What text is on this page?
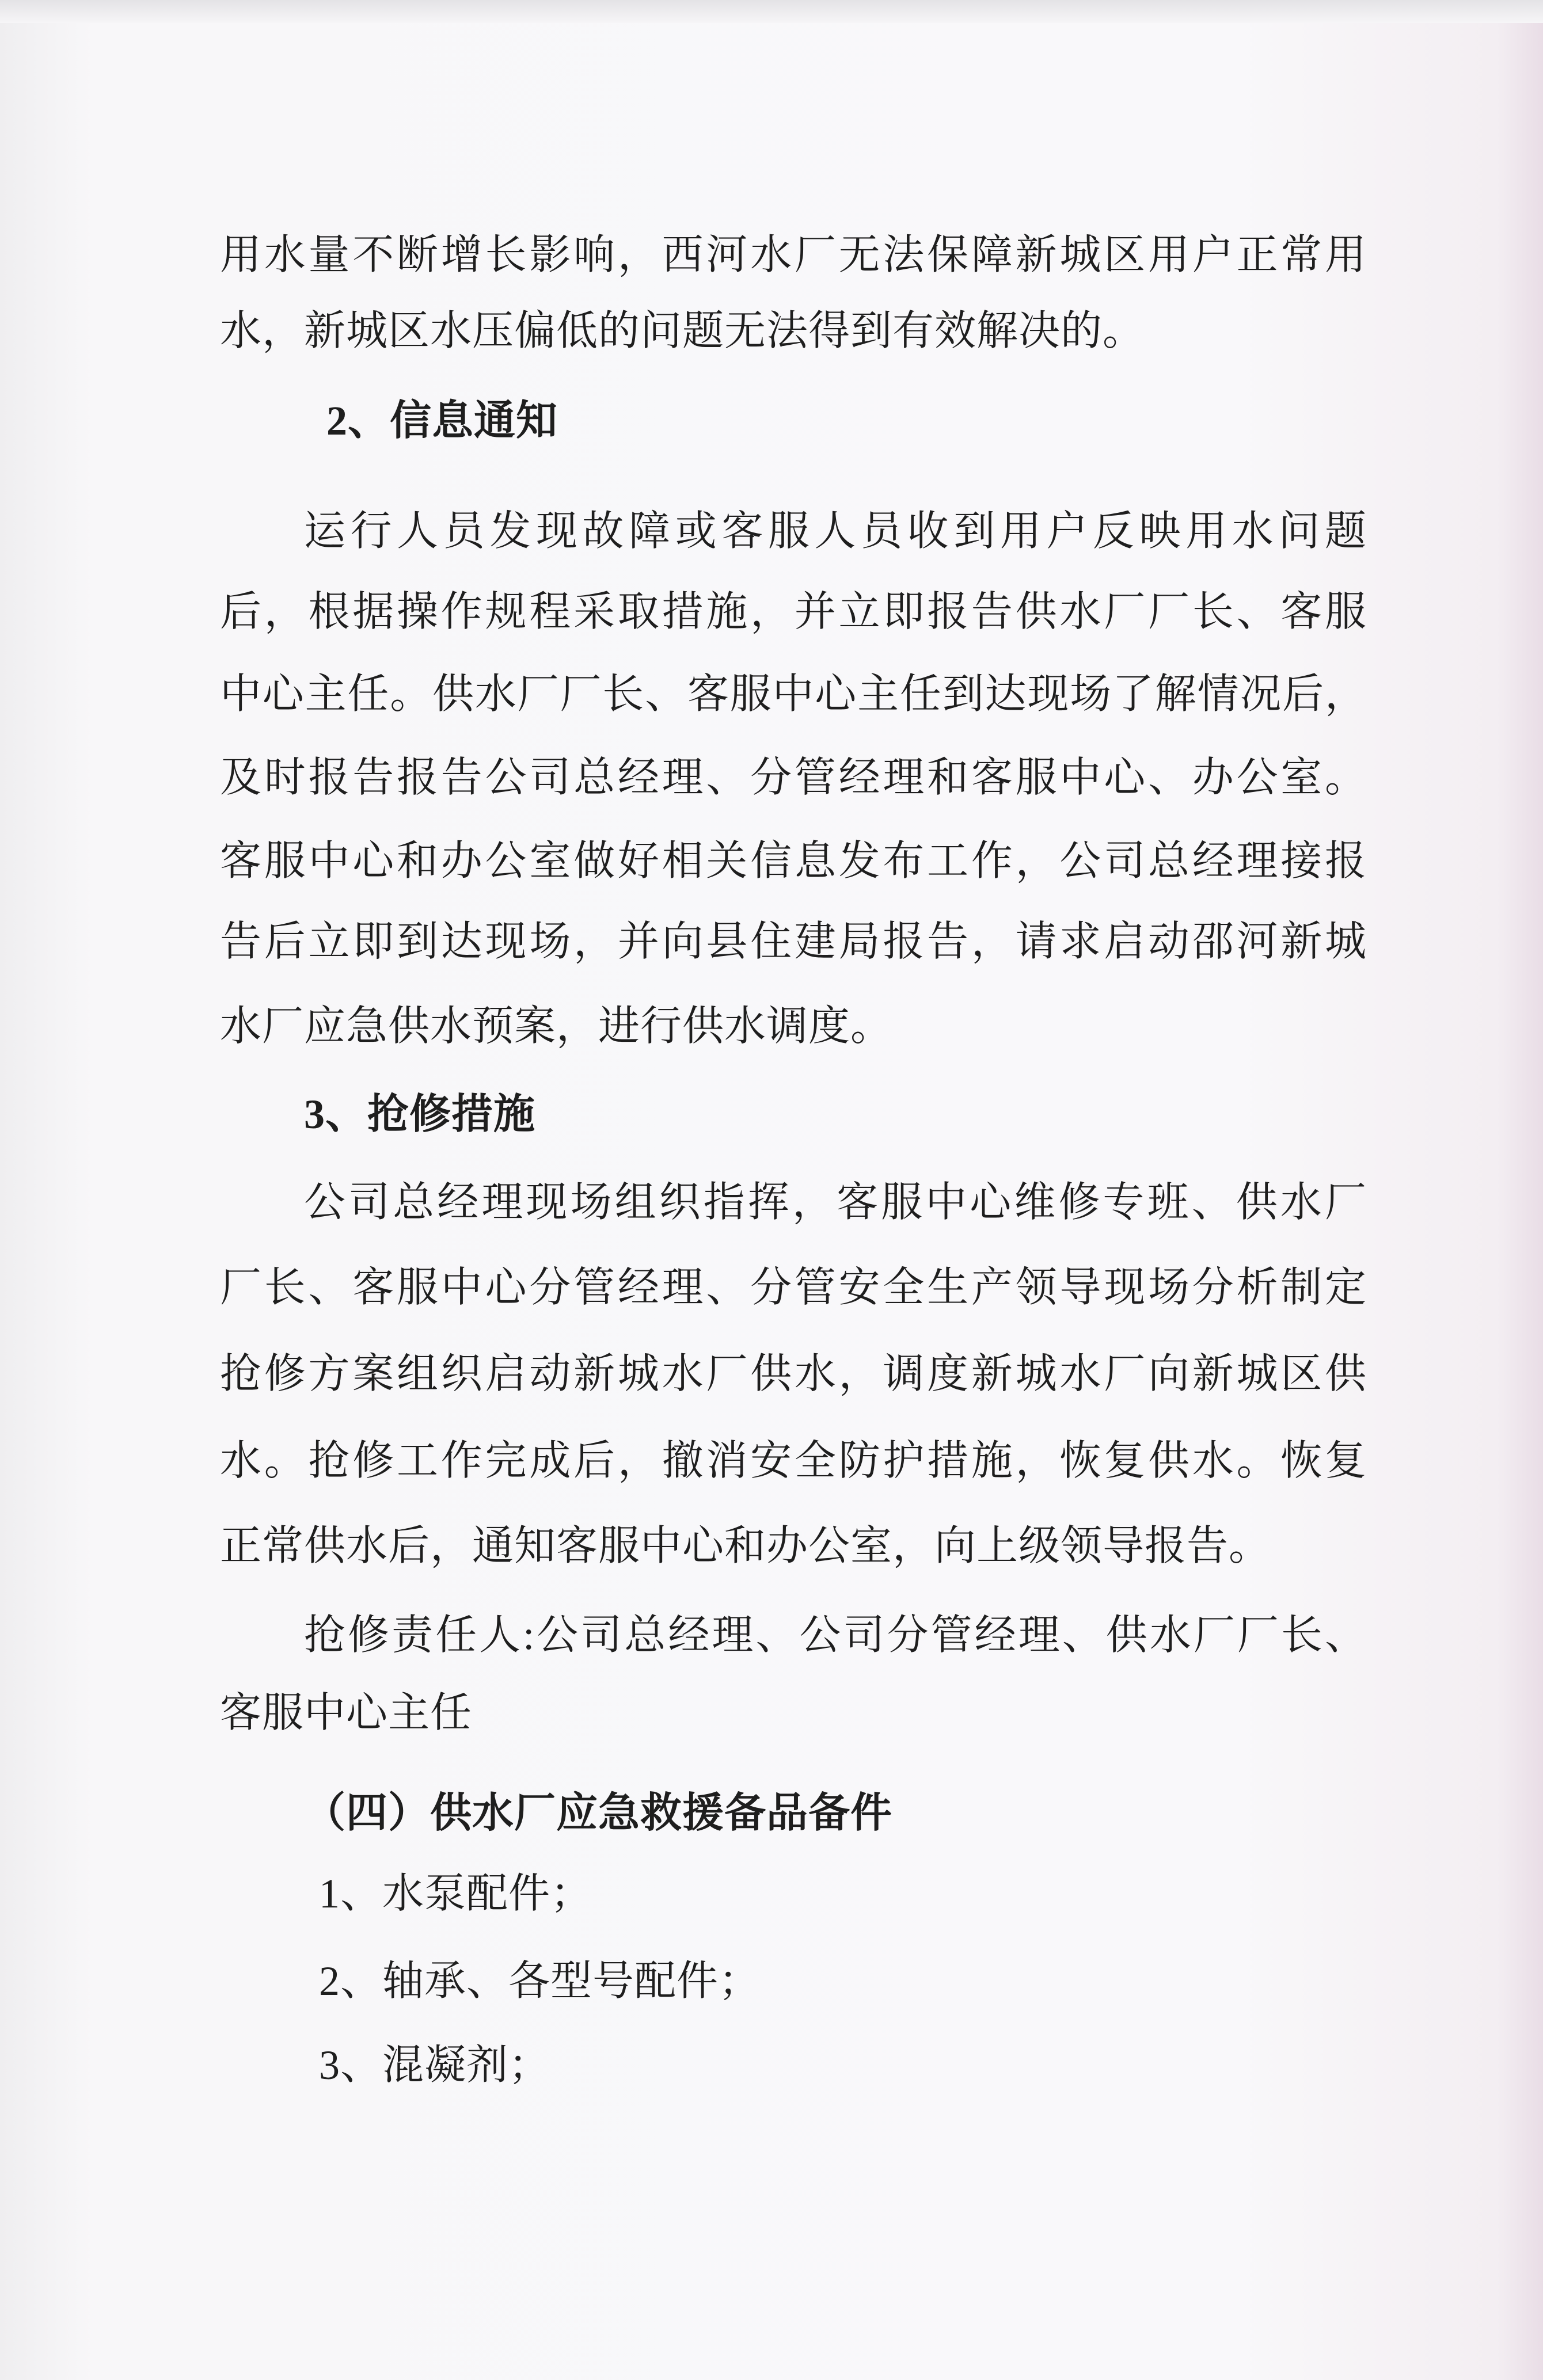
用水量不断增长影响，西河水厂无法保障新城区用户正常用
水，新城区水压偏低的问题无法得到有效解决的。
2、信息通知
运行人员发现故障或客服人员收到用户反映用水问题
后，根据操作规程采取措施，并立即报告供水厂厂长、客服
中心主任。供水厂厂长、客服中心主任到达现场了解情况后，
及时报告报告公司总经理、分管经理和客服中心、办公室。
客服中心和办公室做好相关信息发布工作，公司总经理接报
告后立即到达现场，并向县住建局报告，请求启动邵河新城
水厂应急供水预案，进行供水调度。
3、抢修措施
公司总经理现场组织指挥，客服中心维修专班、供水厂
厂长、客服中心分管经理、分管安全生产领导现场分析制定
抢修方案组织启动新城水厂供水，调度新城水厂向新城区供
水。抢修工作完成后，撤消安全防护措施，恢复供水。恢复
正常供水后，通知客服中心和办公室，向上级领导报告。
抢修责任人:公司总经理、公司分管经理、供水厂厂长、
客服中心主任
（四）供水厂应急救援备品备件
1、水泵配件；
2、轴承、各型号配件；
3、混凝剂；
